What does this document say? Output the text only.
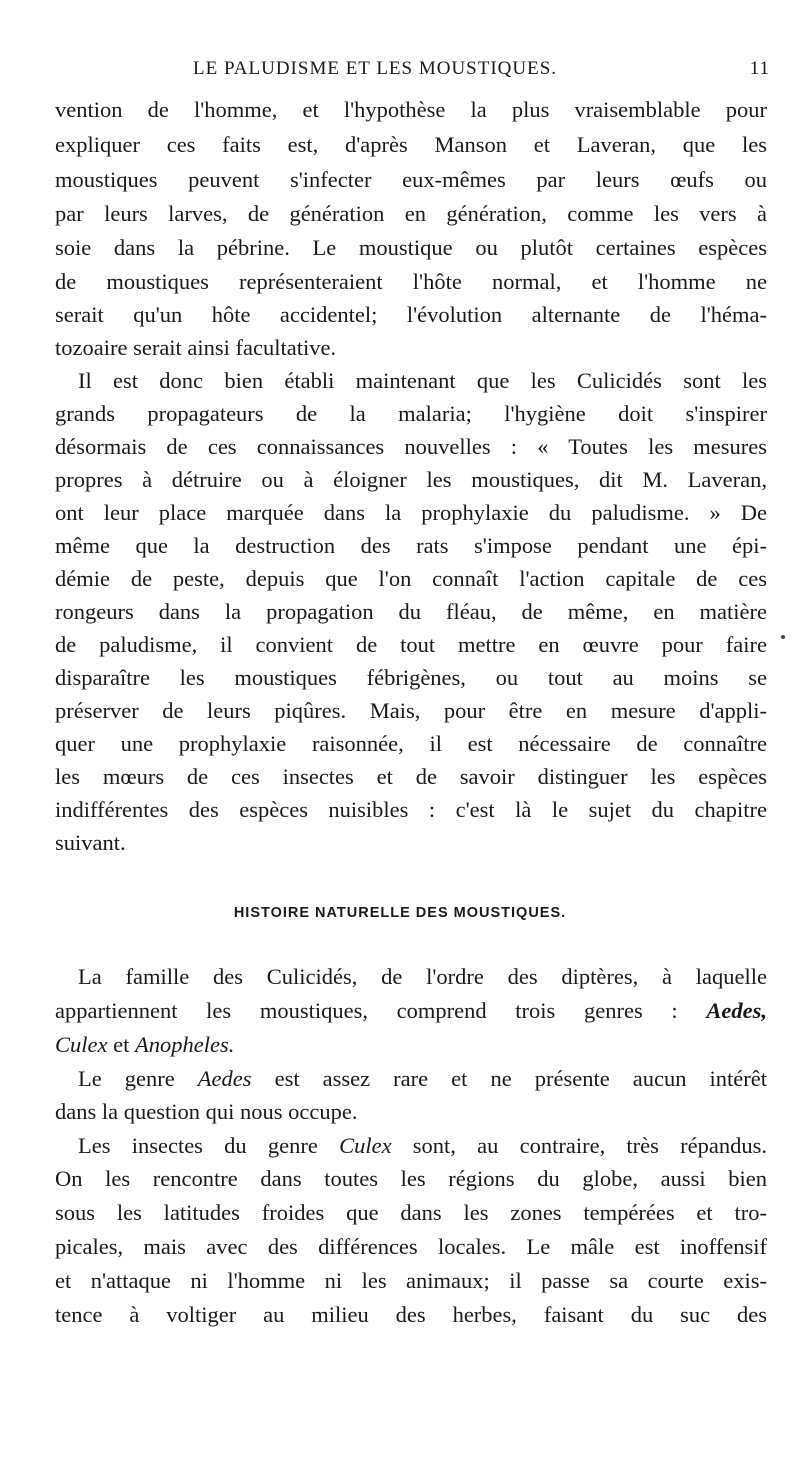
LE PALUDISME ET LES MOUSTIQUES.	11
vention de l'homme, et l'hypothèse la plus vraisemblable pour
expliquer ces faits est, d'après Manson et Laveran, que les
moustiques peuvent s'infecter eux-mêmes par leurs œufs ou
par leurs larves, de génération en génération, comme les vers à
soie dans la pébrine. Le moustique ou plutôt certaines espèces
de moustiques représenteraient l'hôte normal, et l'homme ne
serait qu'un hôte accidentel; l'évolution alternante de l'héma-
tozoaire serait ainsi facultative.
Il est donc bien établi maintenant que les Culicidés sont les
grands propagateurs de la malaria; l'hygiène doit s'inspirer
désormais de ces connaissances nouvelles : « Toutes les mesures
propres à détruire ou à éloigner les moustiques, dit M. Laveran,
ont leur place marquée dans la prophylaxie du paludisme. » De
même que la destruction des rats s'impose pendant une épi-
démie de peste, depuis que l'on connaît l'action capitale de ces
rongeurs dans la propagation du fléau, de même, en matière
de paludisme, il convient de tout mettre en œuvre pour faire
disparaître les moustiques fébrigènes, ou tout au moins se
préserver de leurs piqûres. Mais, pour être en mesure d'appli-
quer une prophylaxie raisonnée, il est nécessaire de connaître
les mœurs de ces insectes et de savoir distinguer les espèces
indifférentes des espèces nuisibles : c'est là le sujet du chapitre
suivant.
HISTOIRE NATURELLE DES MOUSTIQUES.
La famille des Culicidés, de l'ordre des diptères, à laquelle
appartiennent les moustiques, comprend trois genres : Aedes,
Culex et Anopheles.
Le genre Aedes est assez rare et ne présente aucun intérêt
dans la question qui nous occupe.
Les insectes du genre Culex sont, au contraire, très répandus.
On les rencontre dans toutes les régions du globe, aussi bien
sous les latitudes froides que dans les zones tempérées et tro-
picales, mais avec des différences locales. Le mâle est inoffensif
et n'attaque ni l'homme ni les animaux; il passe sa courte exis-
tence à voltiger au milieu des herbes, faisant du suc des
